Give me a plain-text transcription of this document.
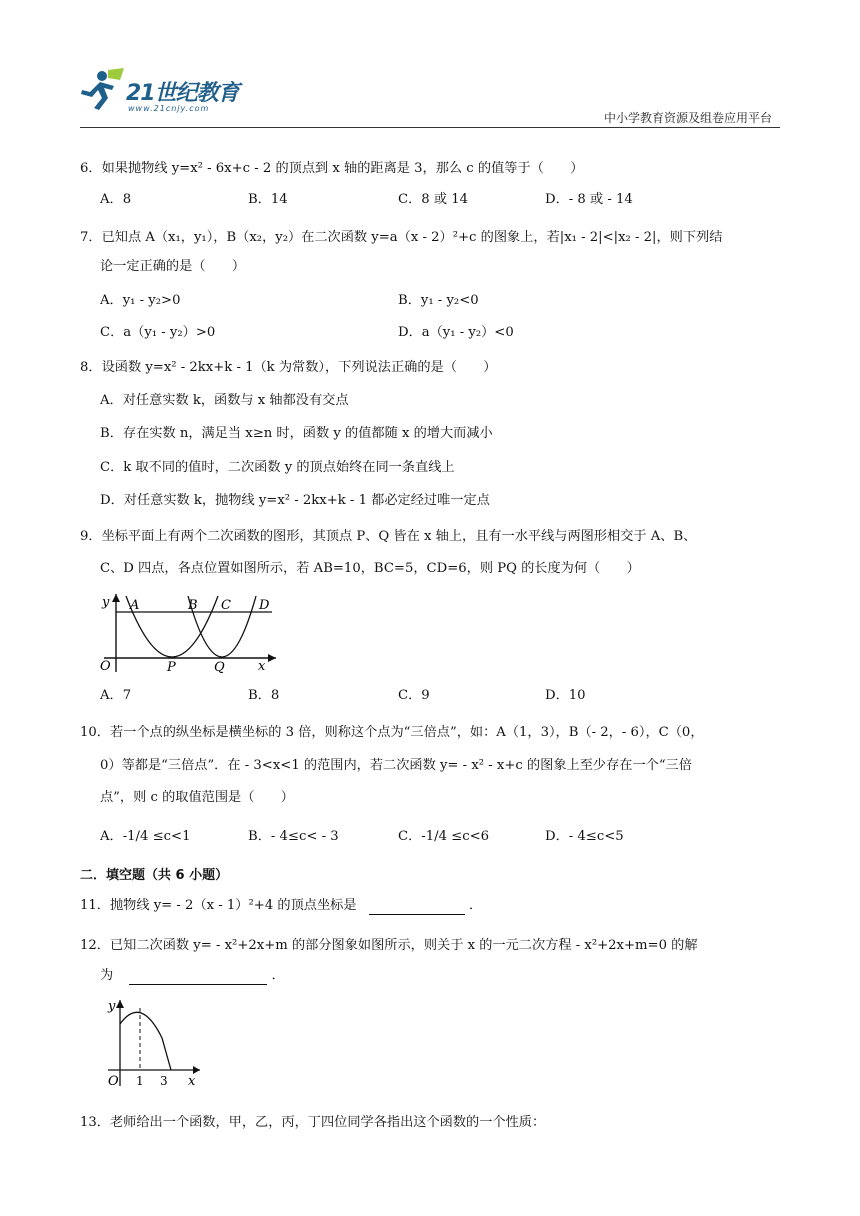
21世纪教育
www.21cnjy.com
中小学教育资源及组卷应用平台
6．如果抛物线 y=x² - 6x+c - 2 的顶点到 x 轴的距离是 3，那么 c 的值等于（　　）
A．8	B．14	C．8 或 14	D．- 8 或 - 14
7．已知点 A（x₁，y₁），B（x₂，y₂）在二次函数 y=a（x - 2）²+c 的图象上，若|x₁ - 2|<|x₂ - 2|，则下列结
论一定正确的是（　　）
A．y₁ - y₂>0	B．y₁ - y₂<0
C．a（y₁ - y₂）>0	D．a（y₁ - y₂）<0
8．设函数 y=x² - 2kx+k - 1（k 为常数），下列说法正确的是（　　）
A．对任意实数 k，函数与 x 轴都没有交点
B．存在实数 n，满足当 x≥n 时，函数 y 的值都随 x 的增大而减小
C．k 取不同的值时，二次函数 y 的顶点始终在同一条直线上
D．对任意实数 k，抛物线 y=x² - 2kx+k - 1 都必定经过唯一定点
9．坐标平面上有两个二次函数的图形，其顶点 P、Q 皆在 x 轴上，且有一水平线与两图形相交于 A、B、
C、D 四点，各点位置如图所示，若 AB=10，BC=5，CD=6，则 PQ 的长度为何（　　）
y A	B C D
O	P	Q	x
A．7	B．8	C．9	D．10
10．若一个点的纵坐标是横坐标的 3 倍，则称这个点为“三倍点”，如：A（1，3），B（- 2，- 6），C（0，
0）等都是“三倍点”．在 - 3<x<1 的范围内，若二次函数 y= - x² - x+c 的图象上至少存在一个“三倍
点”，则 c 的取值范围是（　　）
A．-1/4 ≤c<1	B．- 4≤c< - 3	C．-1/4 ≤c<6	D．- 4≤c<5
二．填空题（共 6 小题）
11．抛物线 y= - 2（x - 1）²+4 的顶点坐标是	．
12．已知二次函数 y= - x²+2x+m 的部分图象如图所示，则关于 x 的一元二次方程 - x²+2x+m=0 的解
为	．
y
O 1 3 x
13．老师给出一个函数，甲，乙，丙，丁四位同学各指出这个函数的一个性质：
